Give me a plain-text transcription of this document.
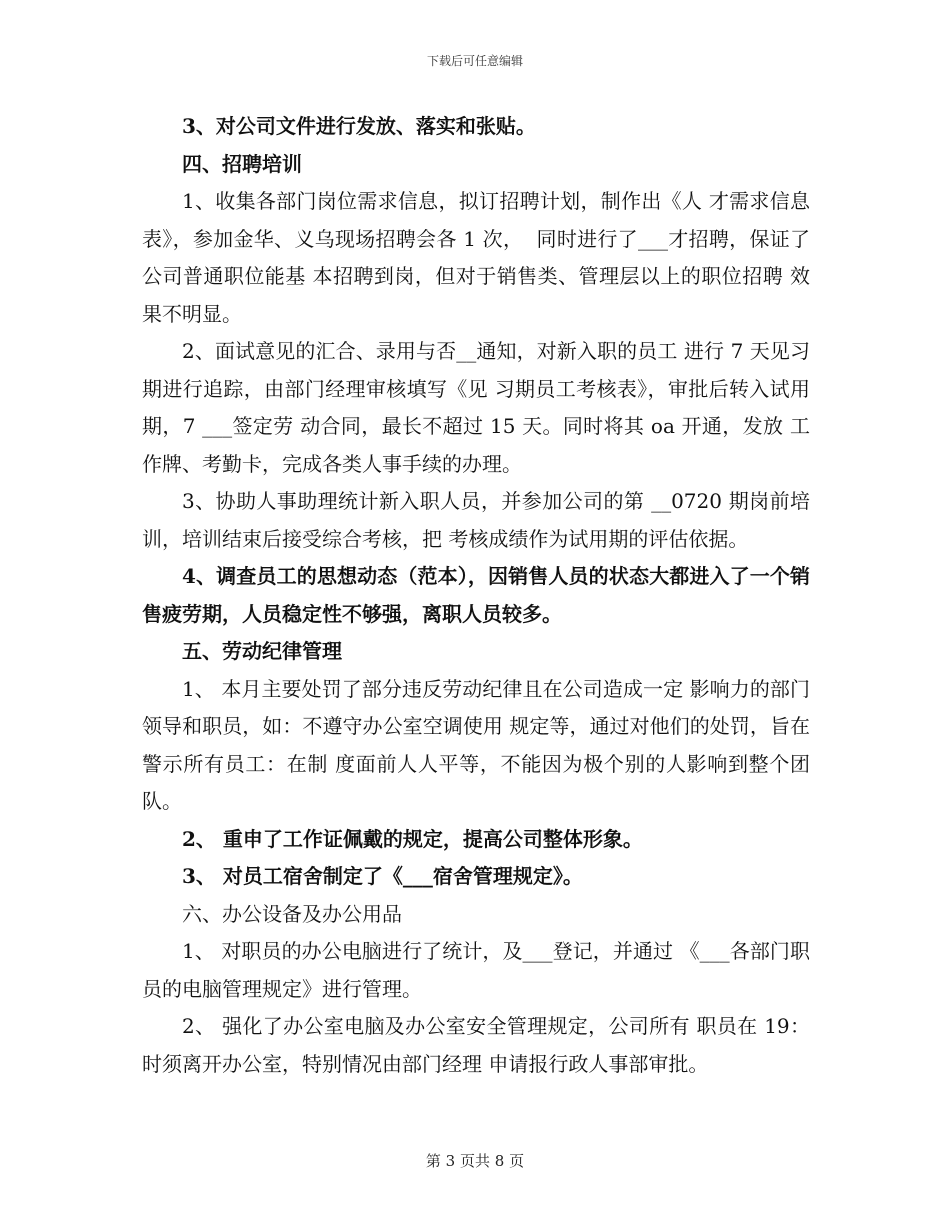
下载后可任意编辑

3、对公司文件进行发放、落实和张贴。

四、招聘培训

1、收集各部门岗位需求信息，拟订招聘计划，制作出《人 才需求信息表》，参加金华、义乌现场招聘会各 1 次，  同时进行了___才招聘，保证了公司普通职位能基 本招聘到岗，但对于销售类、管理层以上的职位招聘 效果不明显。

2、面试意见的汇合、录用与否__通知，对新入职的员工 进行 7 天见习期进行追踪，由部门经理审核填写《见 习期员工考核表》，审批后转入试用期，7 ___签定劳 动合同，最长不超过 15 天。同时将其 oa 开通，发放 工作牌、考勤卡，完成各类人事手续的办理。

3、协助人事助理统计新入职人员，并参加公司的第 __0720 期岗前培训，培训结束后接受综合考核，把 考核成绩作为试用期的评估依据。

4、调查员工的思想动态（范本），因销售人员的状态大都进入了一个销售疲劳期，人员稳定性不够强，离职人员较多。

五、劳动纪律管理

1、 本月主要处罚了部分违反劳动纪律且在公司造成一定 影响力的部门领导和职员，如：不遵守办公室空调使用 规定等，通过对他们的处罚，旨在警示所有员工：在制 度面前人人平等，不能因为极个别的人影响到整个团 队。

2、 重申了工作证佩戴的规定，提高公司整体形象。

3、 对员工宿舍制定了《___宿舍管理规定》。

六、办公设备及办公用品

1、 对职员的办公电脑进行了统计，及___登记，并通过 《___各部门职员的电脑管理规定》进行管理。

2、 强化了办公室电脑及办公室安全管理规定，公司所有 职员在 19：  时须离开办公室，特别情况由部门经理 申请报行政人事部审批。

第 3 页共 8 页
